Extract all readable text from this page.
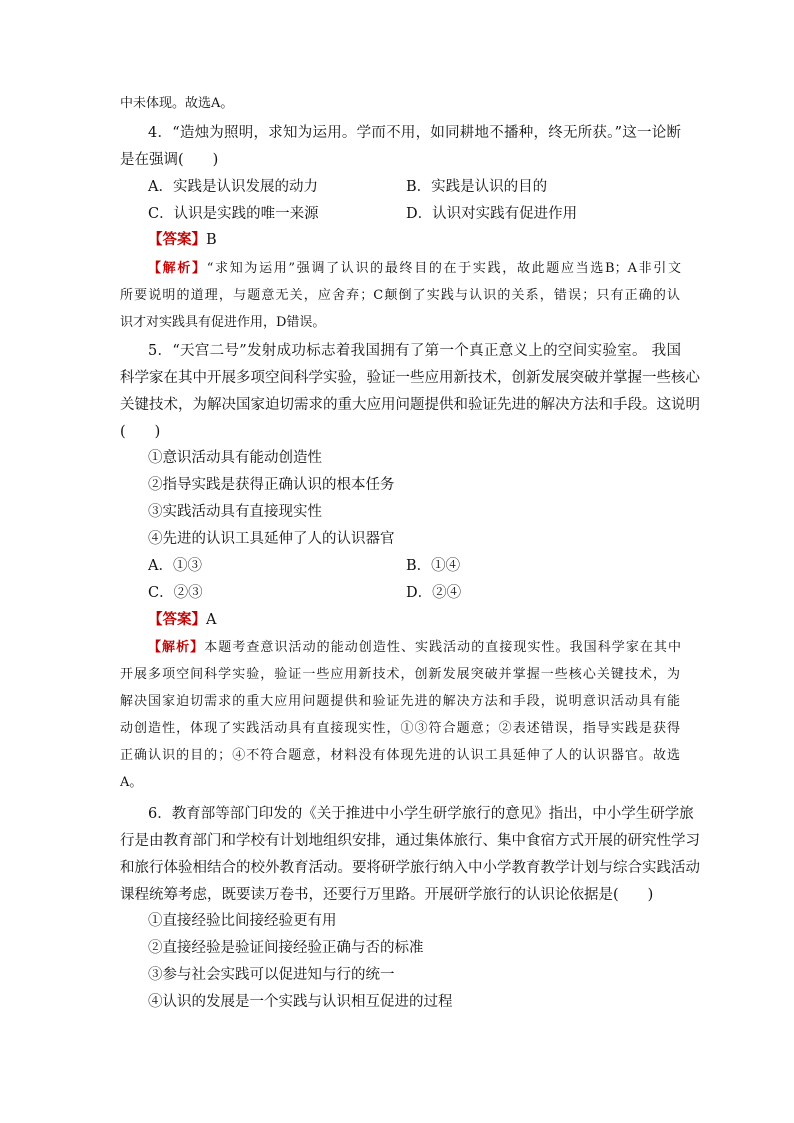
中未体现。故选A。
4．“造烛为照明，求知为运用。学而不用，如同耕地不播种，终无所获。”这一论断
是在强调(　　)
A．实践是认识发展的动力	B．实践是认识的目的
C．认识是实践的唯一来源	D．认识对实践有促进作用
【答案】B
【解析】“求知为运用”强调了认识的最终目的在于实践，故此题应当选B；A非引文
所要说明的道理，与题意无关，应舍弃；C颠倒了实践与认识的关系，错误；只有正确的认
识才对实践具有促进作用，D错误。
5．“天宫二号”发射成功标志着我国拥有了第一个真正意义上的空间实验室。 我国
科学家在其中开展多项空间科学实验，验证一些应用新技术，创新发展突破并掌握一些核心
关键技术，为解决国家迫切需求的重大应用问题提供和验证先进的解决方法和手段。这说明
(　　)
①意识活动具有能动创造性
②指导实践是获得正确认识的根本任务
③实践活动具有直接现实性
④先进的认识工具延伸了人的认识器官
A．①③	B．①④
C．②③	D．②④
【答案】A
【解析】本题考查意识活动的能动创造性、实践活动的直接现实性。我国科学家在其中
开展多项空间科学实验，验证一些应用新技术，创新发展突破并掌握一些核心关键技术，为
解决国家迫切需求的重大应用问题提供和验证先进的解决方法和手段，说明意识活动具有能
动创造性，体现了实践活动具有直接现实性，①③符合题意；②表述错误，指导实践是获得
正确认识的目的；④不符合题意，材料没有体现先进的认识工具延伸了人的认识器官。故选
A。
6．教育部等部门印发的《关于推进中小学生研学旅行的意见》指出，中小学生研学旅
行是由教育部门和学校有计划地组织安排，通过集体旅行、集中食宿方式开展的研究性学习
和旅行体验相结合的校外教育活动。要将研学旅行纳入中小学教育教学计划与综合实践活动
课程统筹考虑，既要读万卷书，还要行万里路。开展研学旅行的认识论依据是(　　)
①直接经验比间接经验更有用
②直接经验是验证间接经验正确与否的标准
③参与社会实践可以促进知与行的统一
④认识的发展是一个实践与认识相互促进的过程
